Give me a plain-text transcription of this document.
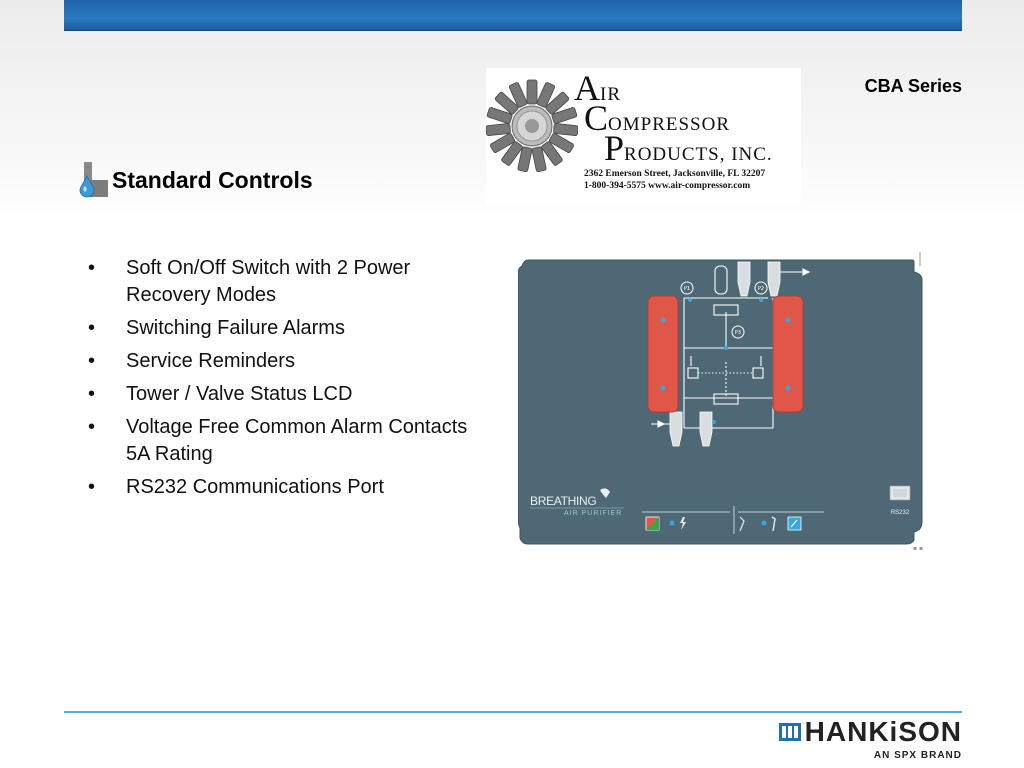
CBA Series
AIR
COMPRESSOR
PRODUCTS, INC.
2362 Emerson Street, Jacksonville, FL 32207
1-800-394-5575 www.air-compressor.com
Standard Controls
• Soft On/Off Switch with 2 Power Recovery Modes
• Switching Failure Alarms
• Service Reminders
• Tower / Valve Status LCD
• Voltage Free Common Alarm Contacts 5A Rating
• RS232 Communications Port
▪ ▪
P1	P2
P3
BREATHING
AIR PURIFIER	RS232
HANKiSON
AN SPX BRAND
